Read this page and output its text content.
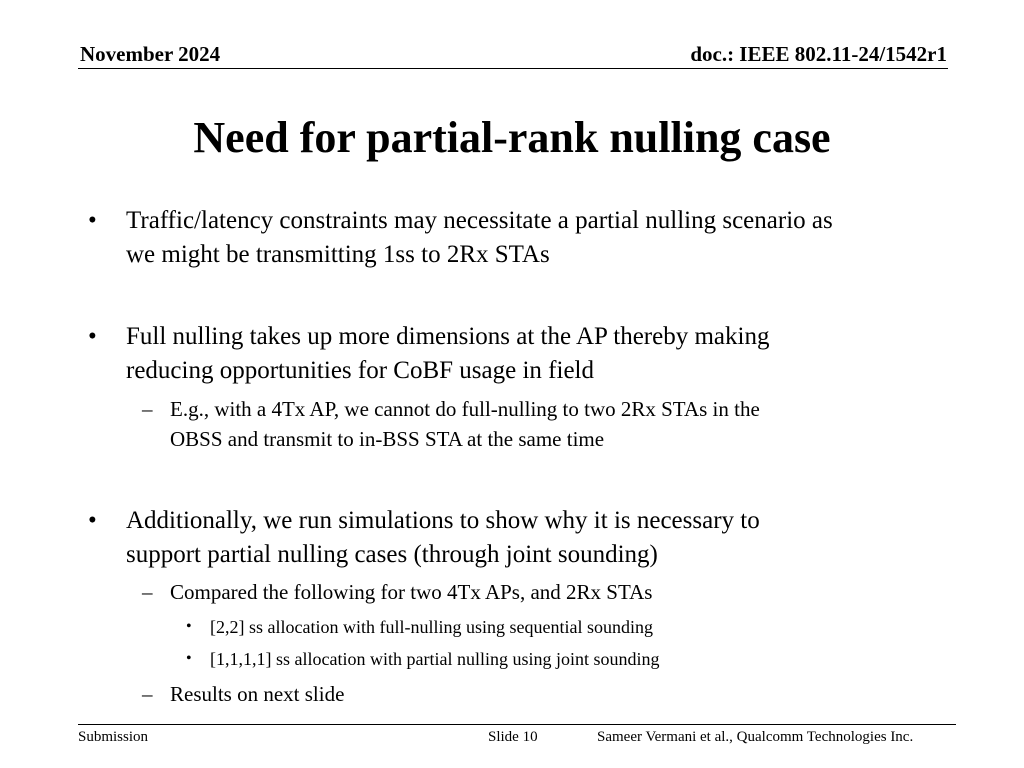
November 2024	doc.: IEEE 802.11-24/1542r1
Need for partial-rank nulling case
• Traffic/latency constraints may necessitate a partial nulling scenario as
we might be transmitting 1ss to 2Rx STAs
• Full nulling takes up more dimensions at the AP thereby making
reducing opportunities for CoBF usage in field
– E.g., with a 4Tx AP, we cannot do full-nulling to two 2Rx STAs in the
OBSS and transmit to in-BSS STA at the same time
• Additionally, we run simulations to show why it is necessary to
support partial nulling cases (through joint sounding)
– Compared the following for two 4Tx APs, and 2Rx STAs
• [2,2] ss allocation with full-nulling using sequential sounding
• [1,1,1,1] ss allocation with partial nulling using joint sounding
– Results on next slide
Submission	Slide 10	Sameer Vermani et al., Qualcomm Technologies Inc.
